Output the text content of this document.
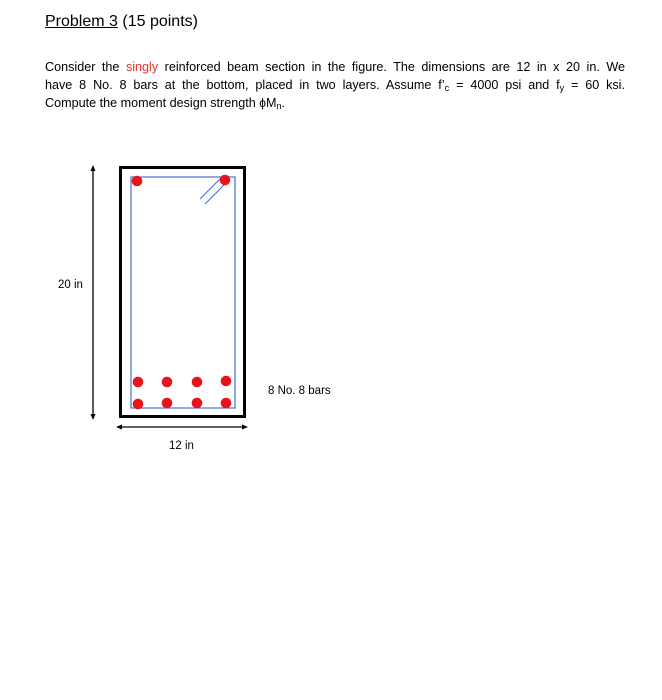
Problem 3 (15 points)
Consider the singly reinforced beam section in the figure. The dimensions are 12 in x 20 in. We
have 8 No. 8 bars at the bottom, placed in two layers. Assume $f’_c = 4000$ psi and $f_y = 60$ ksi.
Compute the moment design strength $\phi M_n$.
20 in
12 in
8 No. 8 bars
